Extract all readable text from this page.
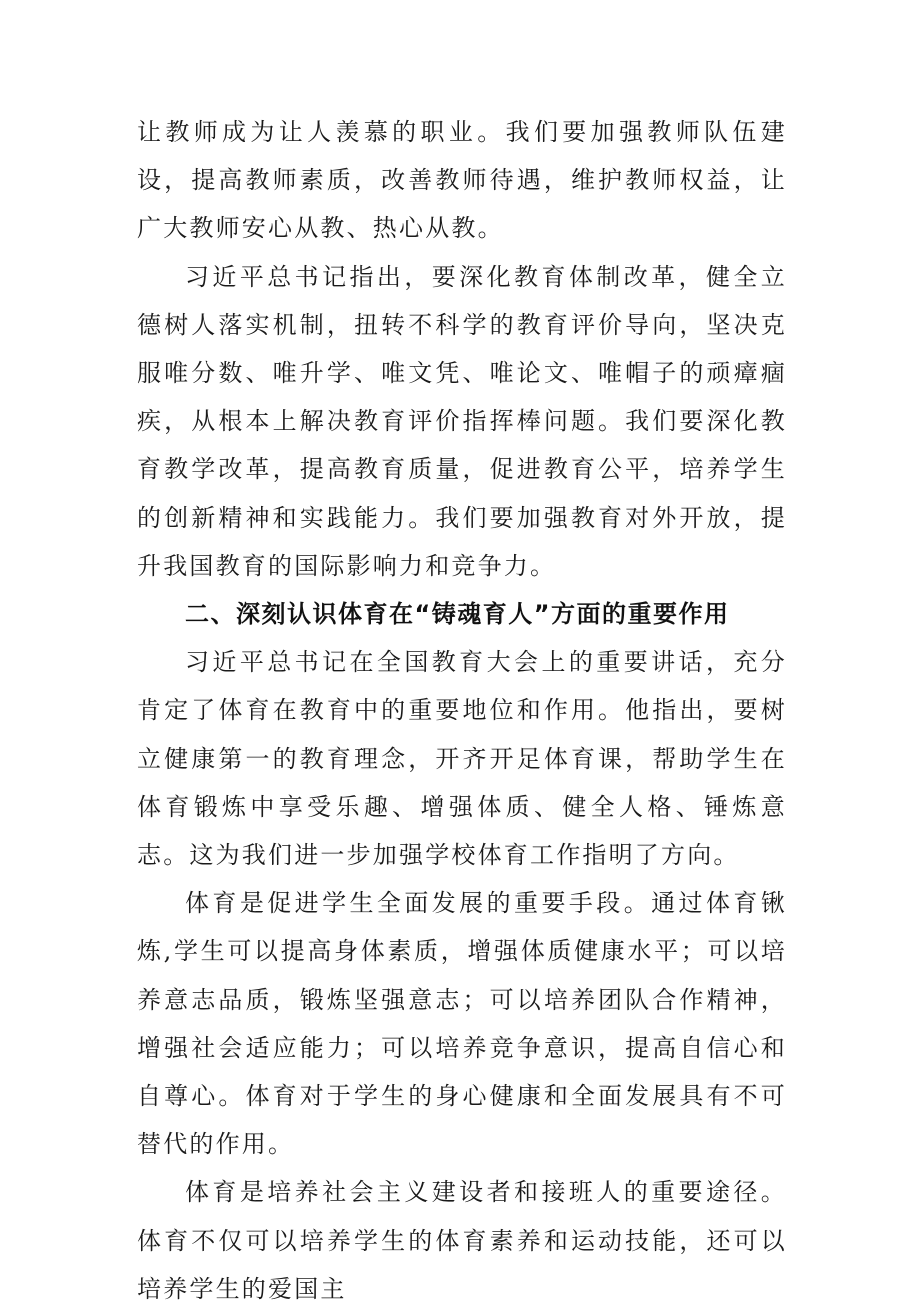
让教师成为让人羡慕的职业。我们要加强教师队伍建设，提高教师素质，改善教师待遇，维护教师权益，让广大教师安心从教、热心从教。

习近平总书记指出，要深化教育体制改革，健全立德树人落实机制，扭转不科学的教育评价导向，坚决克服唯分数、唯升学、唯文凭、唯论文、唯帽子的顽瘴痼疾，从根本上解决教育评价指挥棒问题。我们要深化教育教学改革，提高教育质量，促进教育公平，培养学生的创新精神和实践能力。我们要加强教育对外开放，提升我国教育的国际影响力和竞争力。

二、深刻认识体育在“铸魂育人”方面的重要作用

习近平总书记在全国教育大会上的重要讲话，充分肯定了体育在教育中的重要地位和作用。他指出，要树立健康第一的教育理念，开齐开足体育课，帮助学生在体育锻炼中享受乐趣、增强体质、健全人格、锤炼意志。这为我们进一步加强学校体育工作指明了方向。

体育是促进学生全面发展的重要手段。通过体育锹炼,学生可以提高身体素质，增强体质健康水平；可以培养意志品质，锻炼坚强意志；可以培养团队合作精神，增强社会适应能力；可以培养竞争意识，提高自信心和自尊心。体育对于学生的身心健康和全面发展具有不可替代的作用。

体育是培养社会主义建设者和接班人的重要途径。体育不仅可以培养学生的体育素养和运动技能，还可以培养学生的爱国主
